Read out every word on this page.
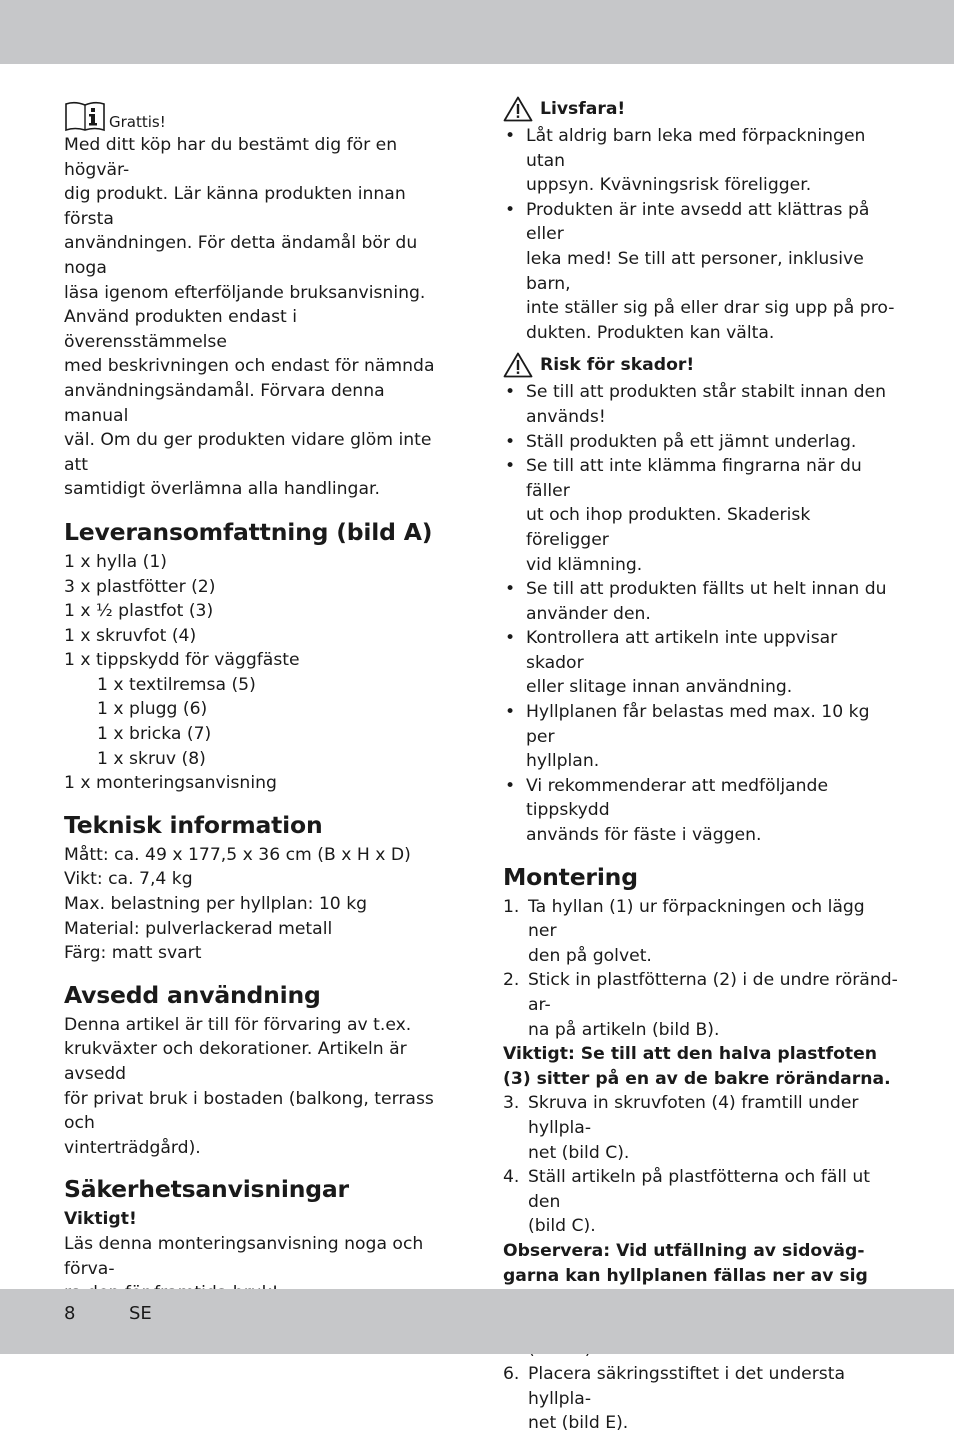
Grattis!

Med ditt köp har du bestämt dig för en högvär-

dig produkt. Lär känna produkten innan första

användningen. För detta ändamål bör du noga

läsa igenom efterföljande bruksanvisning.

Använd produkten endast i överensstämmelse

med beskrivningen och endast för nämnda

användningsändamål. Förvara denna manual

väl. Om du ger produkten vidare glöm inte att

samtidigt överlämna alla handlingar.

Leveransomfattning (bild A)

1 x hylla (1)

3 x plastfötter (2)

1 x ½ plastfot (3)

1 x skruvfot (4)

1 x tippskydd för väggfäste

1 x textilremsa (5)

1 x plugg (6)

1 x bricka (7)

1 x skruv (8)

1 x monteringsanvisning

Teknisk information

Mått: ca. 49 x 177,5 x 36 cm (B x H x D)

Vikt: ca. 7,4 kg

Max. belastning per hyllplan: 10 kg

Material: pulverlackerad metall

Färg: matt svart

Avsedd användning

Denna artikel är till för förvaring av t.ex.

krukväxter och dekorationer. Artikeln är avsedd

för privat bruk i bostaden (balkong, terrass och

vinterträdgård).

Säkerhetsanvisningar

Viktigt!

Läs denna monteringsanvisning noga och förva-

Livsfara!
• Låt aldrig barn leka med förpackningen utan
uppsyn. Kvävningsrisk föreligger.
• Produkten är inte avsedd att klättras på eller
leka med! Se till att personer, inklusive barn,
inte ställer sig på eller drar sig upp på pro-
dukten. Produkten kan välta.
Risk för skador!
• Se till att produkten står stabilt innan den
används!
• Ställ produkten på ett jämnt underlag.
• Se till att inte klämma fingrarna när du fäller
ut och ihop produkten. Skaderisk föreligger
vid klämning.
• Se till att produkten fällts ut helt innan du
använder den.
• Kontrollera att artikeln inte uppvisar skador
eller slitage innan användning.
• Hyllplanen får belastas med max. 10 kg per
hyllplan.
• Vi rekommenderar att medföljande tippskydd
används för fäste i väggen.
Montering
1. Ta hyllan (1) ur förpackningen och lägg ner
den på golvet.
2. Stick in plastfötterna (2) i de undre rörändar-
na på artikeln (bild B).
Viktigt: Se till att den halva plastfoten
(3) sitter på en av de bakre rörändarna.
3. Skruva in skruvfoten (4) framtill under hyllpla-
net (bild C).
4. Ställ artikeln på plastfötterna och fäll ut den
(bild C).
Observera: Vid utfällning av sidoväg-
garna kan hyllplanen fällas ner av sig
6. Placera säkringsstiftet i det understa hyllpla-
net (bild E).
8	SE
